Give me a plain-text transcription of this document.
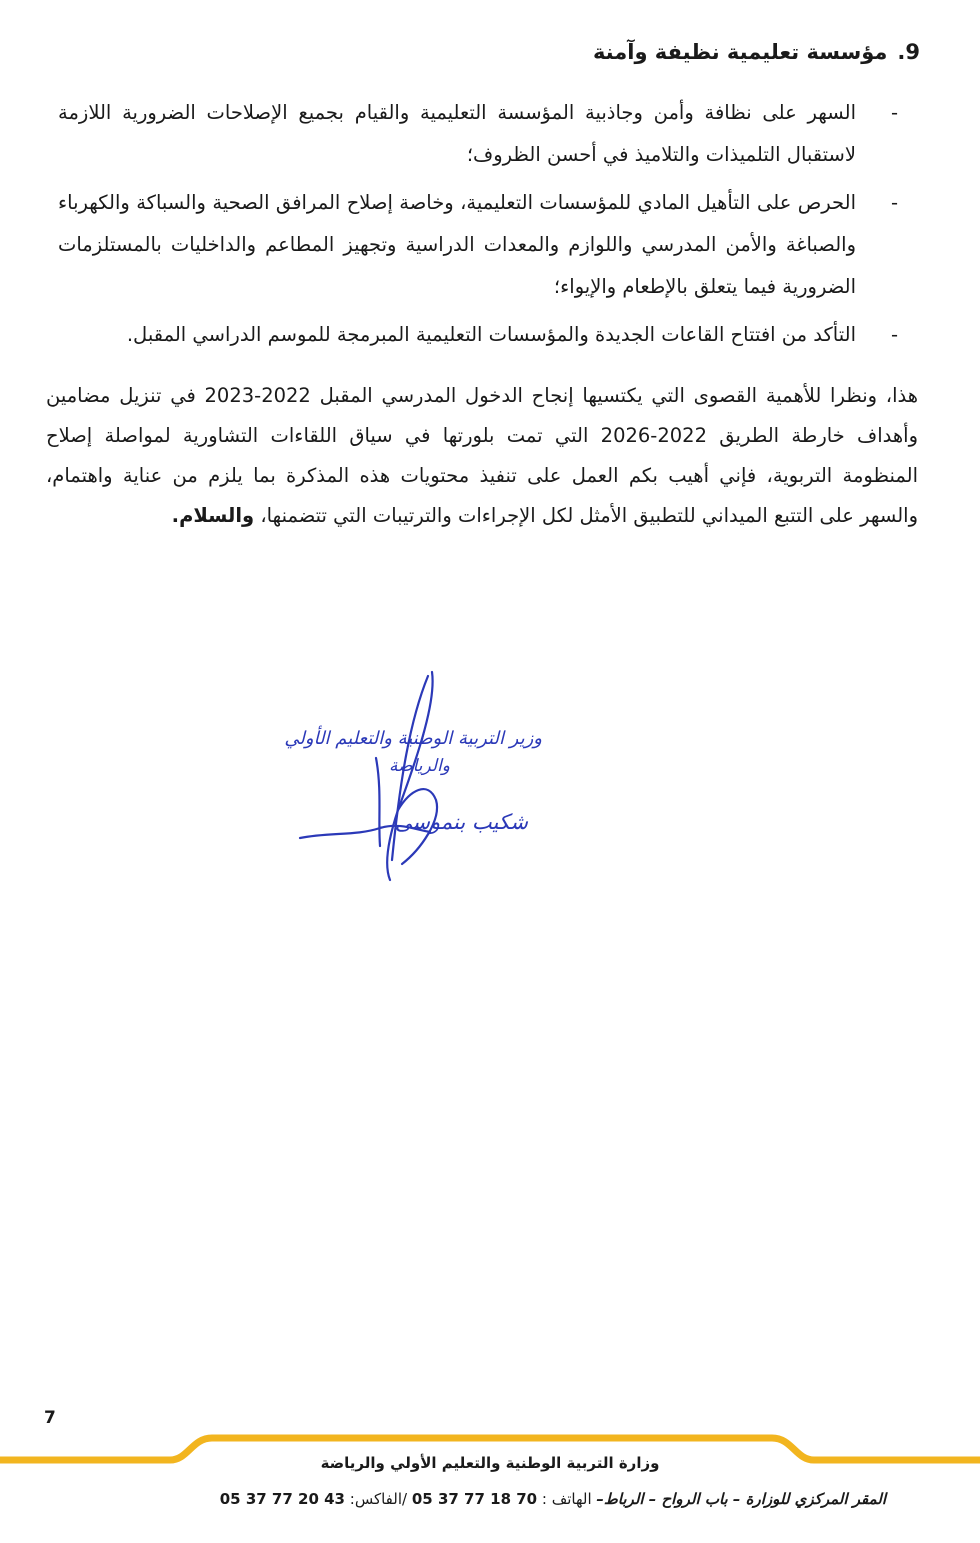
9.
مؤسسة تعليمية نظيفة وآمنة
-
السهر على نظافة وأمن وجاذبية المؤسسة التعليمية والقيام بجميع الإصلاحات الضرورية اللازمة لاستقبال التلميذات والتلاميذ في أحسن الظروف؛
-
الحرص على التأهيل المادي للمؤسسات التعليمية، وخاصة إصلاح المرافق الصحية والسباكة والكهرباء والصباغة والأمن المدرسي واللوازم والمعدات الدراسية وتجهيز المطاعم والداخليات بالمستلزمات الضرورية فيما يتعلق بالإطعام والإيواء؛
-
التأكد من افتتاح القاعات الجديدة والمؤسسات التعليمية المبرمجة للموسم الدراسي المقبل.

هذا، ونظرا للأهمية القصوى التي يكتسيها إنجاح الدخول المدرسي المقبل 2022-2023 في تنزيل مضامين وأهداف خارطة الطريق 2022-2026 التي تمت بلورتها في سياق اللقاءات التشاورية لمواصلة إصلاح المنظومة التربوية، فإني أهيب بكم العمل على تنفيذ محتويات هذه المذكرة بما يلزم من عناية واهتمام، والسهر على التتبع الميداني للتطبيق الأمثل لكل الإجراءات والترتيبات التي تتضمنها، والسلام.

وزير التربية الوطنية والتعليم الأولي
والرياضة
شكيب بنموسى
7
وزارة التربية الوطنية والتعليم الأولي والرياضة
المقر المركزي للوزارة – باب الرواح – الرباط– الهاتف : 05 37 77 18 70 /الفاكس: 05 37 77 20 43
